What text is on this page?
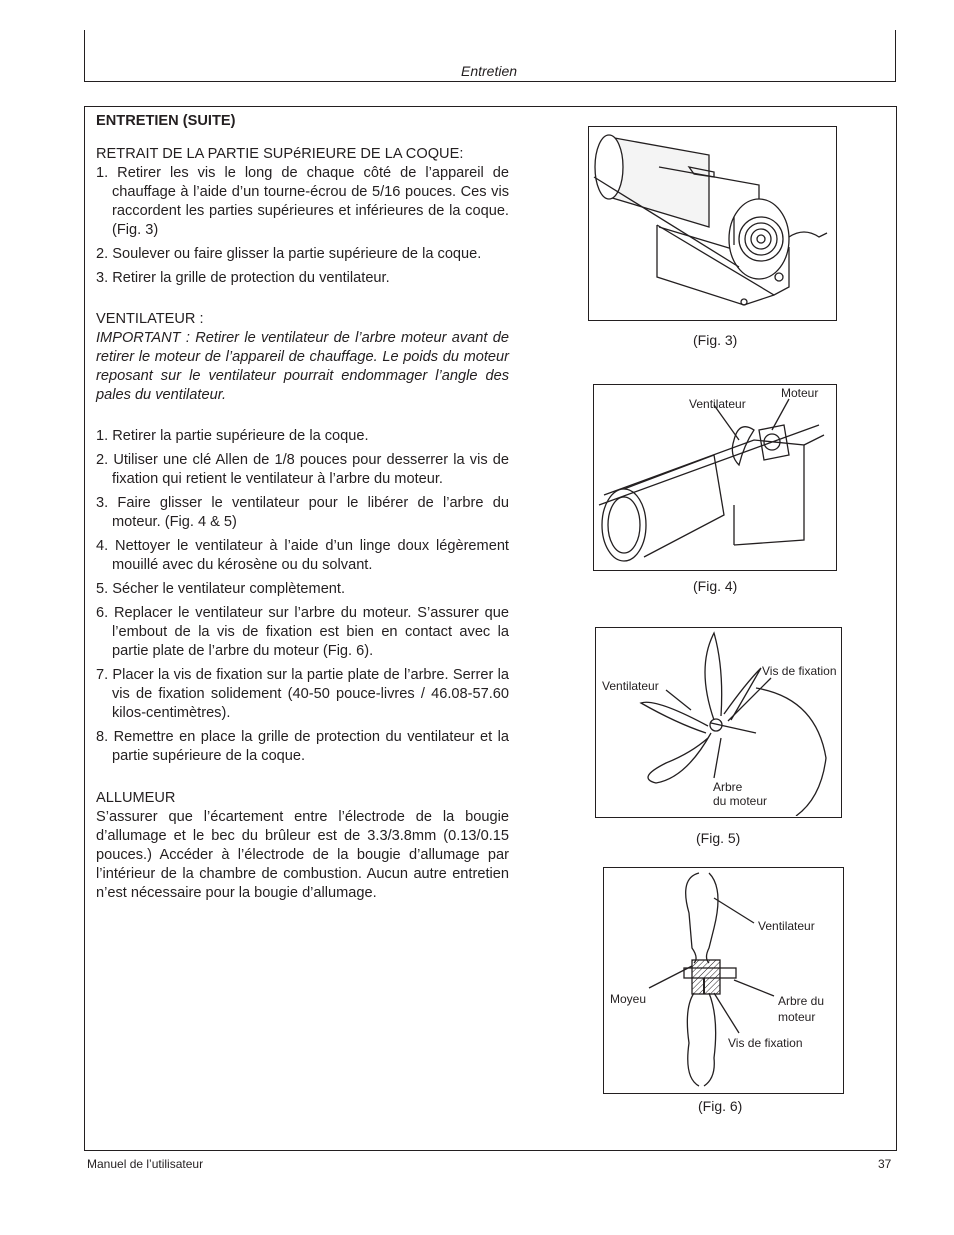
Entretien

ENTRETIEN (SUITE)

RETRAIT DE LA PARTIE SUPéRIEURE DE LA COQUE:

1. Retirer les vis le long de chaque côté de l’appareil de chauffage à l’aide d’un tourne-écrou de 5/16 pouces. Ces vis raccordent les parties supérieures et inférieures de la coque. (Fig. 3)
2. Soulever ou faire glisser la partie supérieure de la coque.
3. Retirer la grille de protection du ventilateur.

VENTILATEUR :

IMPORTANT : Retirer le ventilateur de l’arbre moteur avant de retirer le moteur de l’appareil de chauffage. Le poids du moteur reposant sur le ventilateur pourrait endommager l’angle des pales du ventilateur.

1. Retirer la partie supérieure de la coque.
2. Utiliser une clé Allen de 1/8 pouces pour desserrer la vis de fixation qui retient le ventilateur à l’arbre du moteur.
3. Faire glisser le ventilateur pour le libérer de l’arbre du moteur. (Fig. 4 & 5)
4. Nettoyer le ventilateur à l’aide d’un linge doux légèrement mouillé avec du kérosène ou du solvant.
5. Sécher le ventilateur complètement.
6. Replacer le ventilateur sur l’arbre du moteur. S’assurer que l’embout de la vis de fixation est bien en contact avec la partie plate de l’arbre du moteur (Fig. 6).
7. Placer la vis de fixation sur la partie plate de l’arbre. Serrer la vis de fixation solidement (40-50 pouce-livres / 46.08-57.60 kilos-centimètres).
8. Remettre en place la grille de protection du ventilateur et la partie supérieure de la coque.

ALLUMEUR

S’assurer que l’écartement entre l’électrode de la bougie d’allumage et le bec du brûleur est de 3.3/3.8mm (0.13/0.15 pouces.) Accéder à l’électrode de la bougie d’allumage par l’intérieur de la chambre de combustion. Aucun autre entretien n’est nécessaire pour la bougie d’allumage.

(Fig. 3)
Ventilateur
Moteur
(Fig. 4)
Ventilateur
Vis de fixation
Arbre
du moteur
(Fig. 5)
Ventilateur
Moyeu	Arbre du
moteur
Vis de fixation
(Fig. 6)
Manuel de l’utilisateur	37
